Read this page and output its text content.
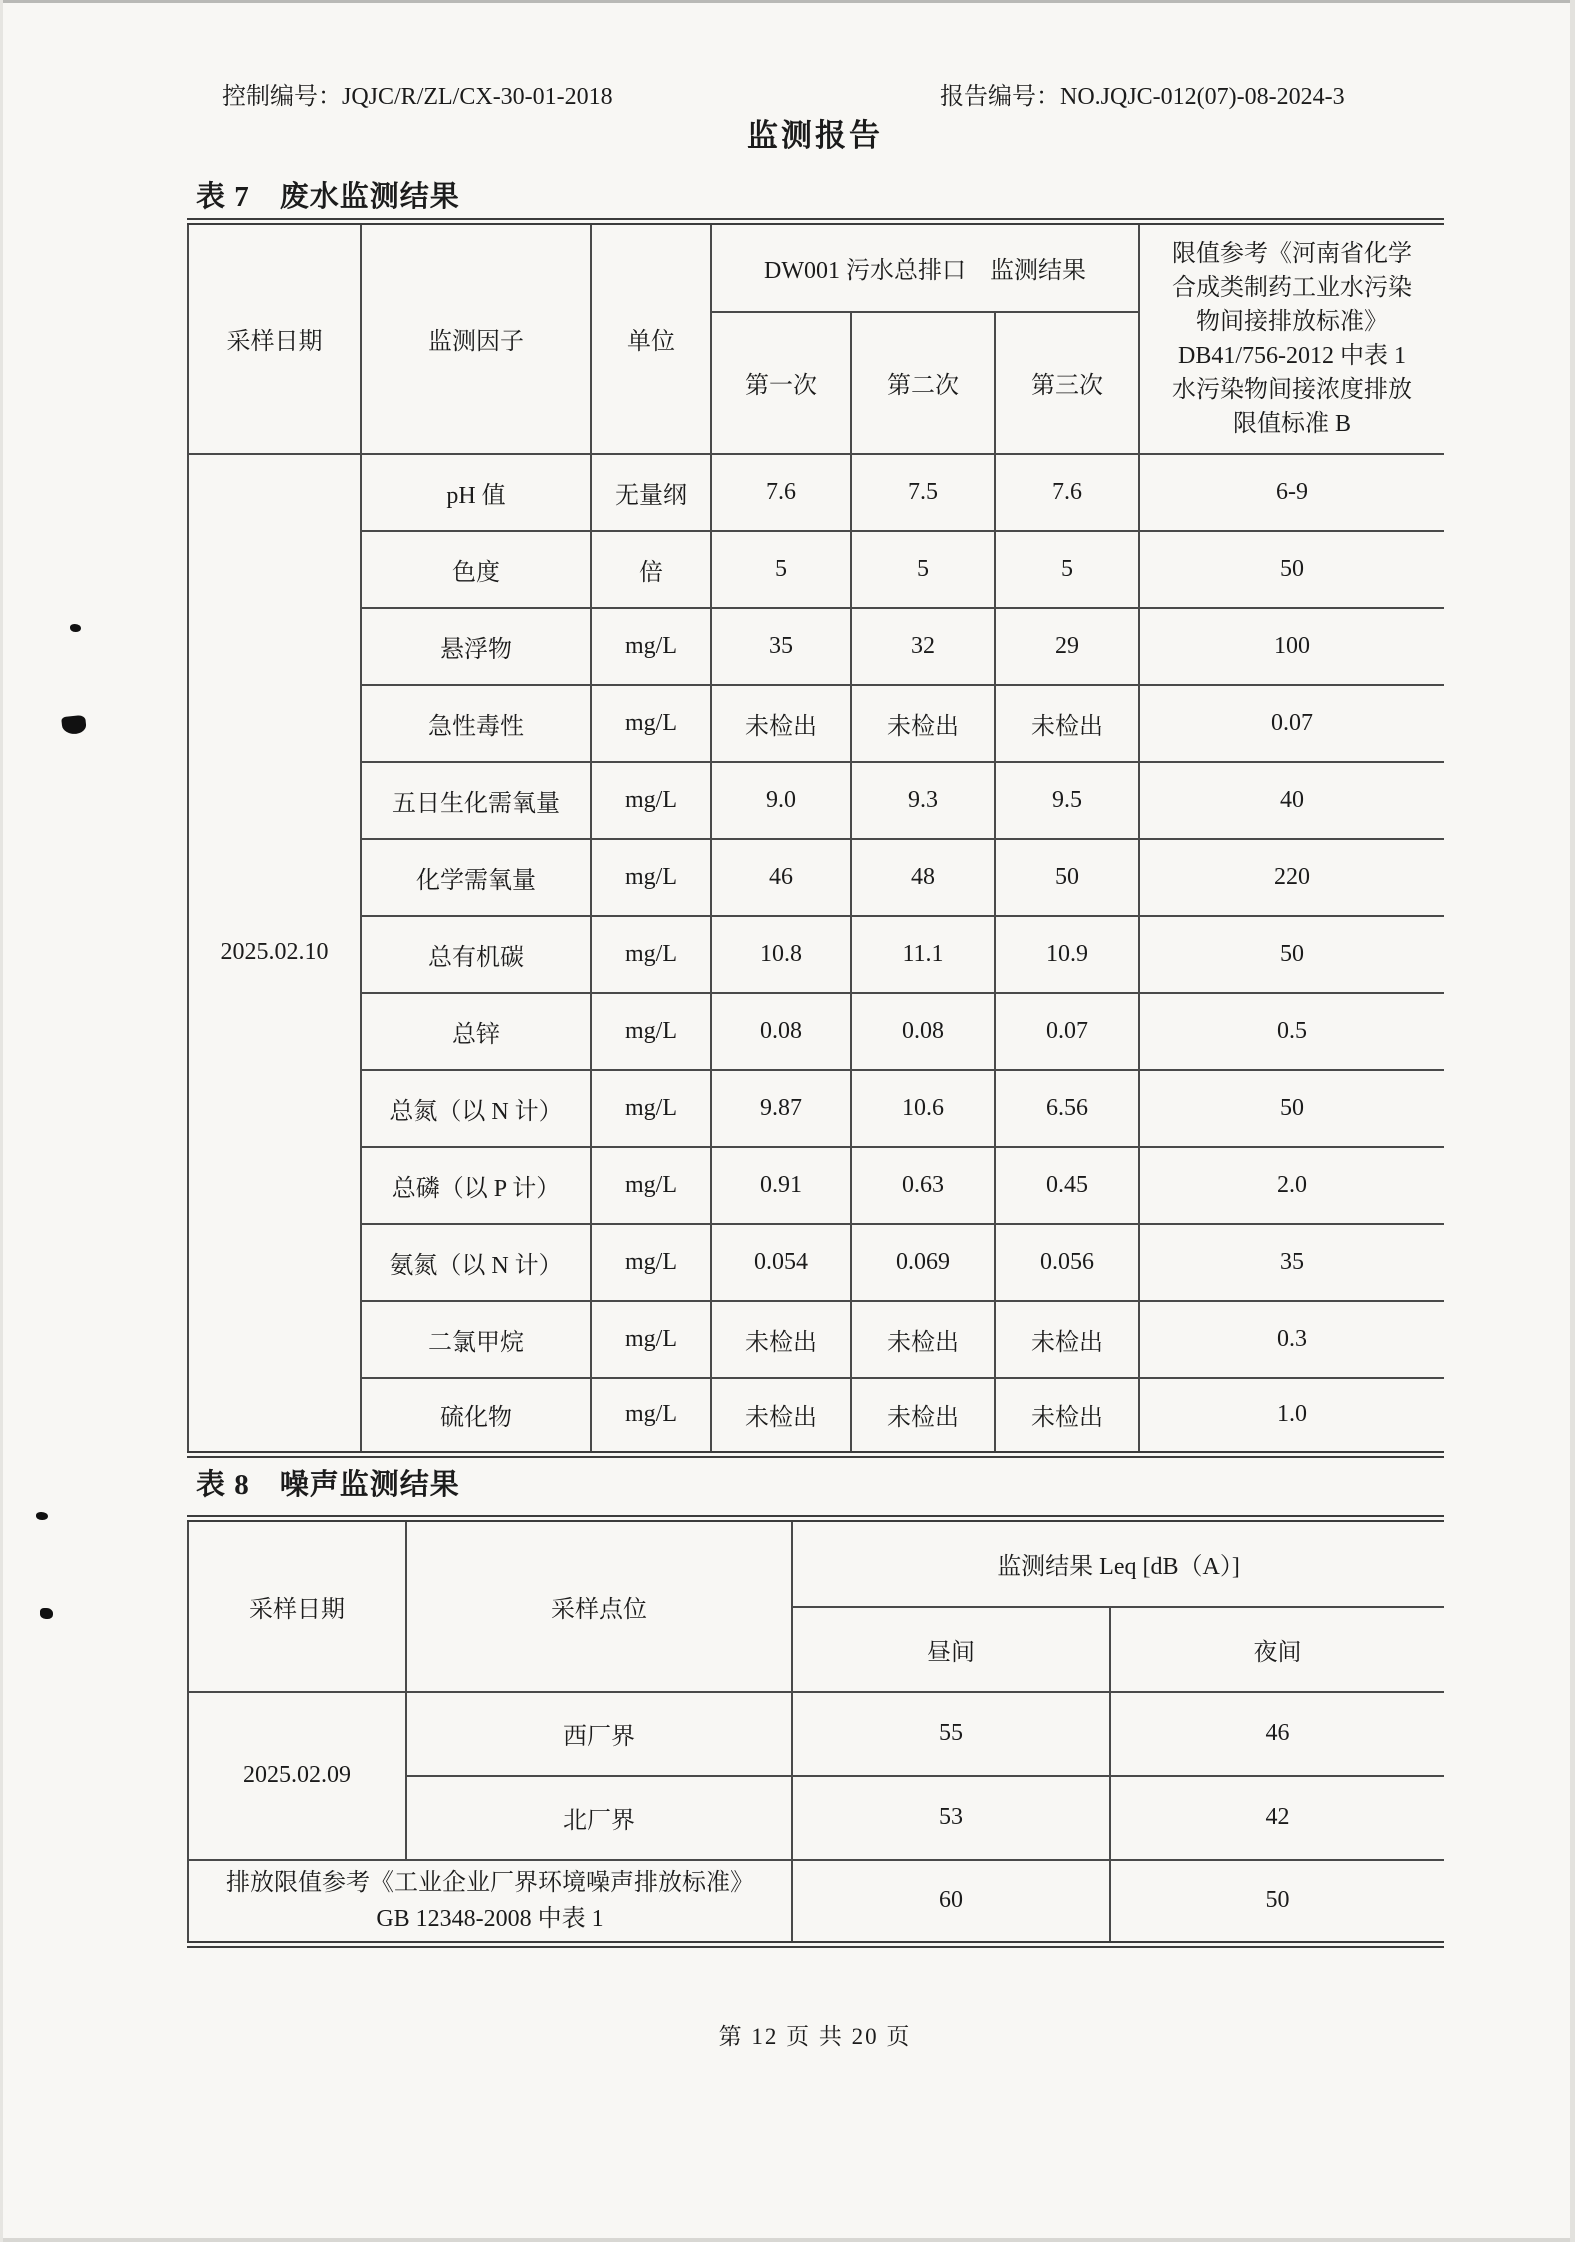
控制编号：JQJC/R/ZL/CX-30-01-2018	报告编号：NO.JQJC-012(07)-08-2024-3
监测报告
表 7　废水监测结果
采样日期	监测因子	单位	DW001 污水总排口　监测结果			限值参考《河南省化学合成类制药工业水污染物间接排放标准》DB41/756-2012 中表 1 水污染物间接浓度排放限值标准 B
			第一次	第二次	第三次	
2025.02.10	pH 值	无量纲	7.6	7.5	7.6	6-9
	色度	倍	5	5	5	50
	悬浮物	mg/L	35	32	29	100
	急性毒性	mg/L	未检出	未检出	未检出	0.07
	五日生化需氧量	mg/L	9.0	9.3	9.5	40
	化学需氧量	mg/L	46	48	50	220
	总有机碳	mg/L	10.8	11.1	10.9	50
	总锌	mg/L	0.08	0.08	0.07	0.5
	总氮（以 N 计）	mg/L	9.87	10.6	6.56	50
	总磷（以 P 计）	mg/L	0.91	0.63	0.45	2.0
	氨氮（以 N 计）	mg/L	0.054	0.069	0.056	35
	二氯甲烷	mg/L	未检出	未检出	未检出	0.3
	硫化物	mg/L	未检出	未检出	未检出	1.0
表 8　噪声监测结果
采样日期	采样点位	监测结果 Leq [dB（A）]	
		昼间	夜间
2025.02.09	西厂界	55	46
	北厂界	53	42
排放限值参考《工业企业厂界环境噪声排放标准》 GB 12348-2008 中表 1		60	50
第 12 页 共 20 页
